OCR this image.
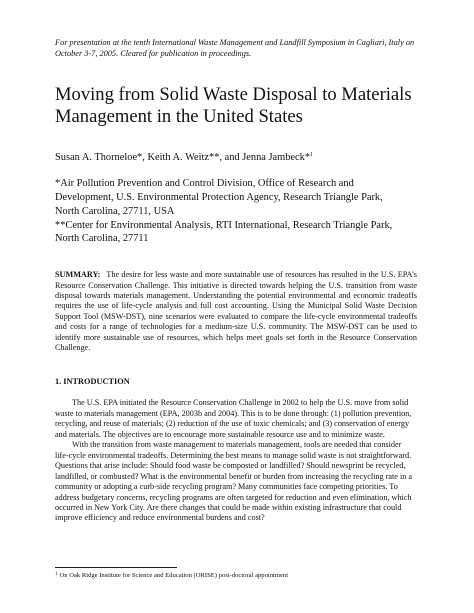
For presentation at the tenth International Waste Management and Landfill Symposium in Cagliari, Italy on October 3-7, 2005. Cleared for publication in proceedings.

Moving from Solid Waste Disposal to Materials
Management in the United States

Susan A. Thorneloe*, Keith A. Weitz**, and Jenna Jambeck*$^1$

*Air Pollution Prevention and Control Division, Office of Research and

Development, U.S. Environmental Protection Agency, Research Triangle Park,

North Carolina, 27711, USA

**Center for Environmental Analysis, RTI International, Research Triangle Park,

North Carolina, 27711

SUMMARY: The desire for less waste and more sustainable use of resources has resulted in the U.S. EPA’s Resource Conservation Challenge. This initiative is directed towards helping the U.S. transition from waste disposal towards materials management. Understanding the potential environmental and economic tradeoffs requires the use of life-cycle analysis and full cost accounting. Using the Municipal Solid Waste Decision Support Tool (MSW-DST), nine scenarios were evaluated to compare the life-cycle environmental tradeoffs and costs for a range of technologies for a medium-size U.S. community. The MSW-DST can be used to identify more sustainable use of resources, which helps meet goals set forth in the Resource Conservation Challenge.

1. INTRODUCTION

The U.S. EPA initiated the Resource Conservation Challenge in 2002 to help the U.S. move from solid waste to materials management (EPA, 2003b and 2004). This is to be done through: (1) pollution prevention, recycling, and reuse of materials; (2) reduction of the use of toxic chemicals; and (3) conservation of energy and materials. The objectives are to encourage more sustainable resource use and to minimize waste.

With the transition from waste management to materials management, tools are needed that consider life-cycle environmental tradeoffs. Determining the best means to manage solid waste is not straightforward. Questions that arise include: Should food waste be composted or landfilled? Should newsprint be recycled, landfilled, or combusted? What is the environmental benefit or burden from increasing the recycling rate in a community or adopting a curb-side recycling program? Many communities face competing priorities. To address budgetary concerns, recycling programs are often targeted for reduction and even elimination, which occurred in New York City. Are there changes that could be made within existing infrastructure that could improve efficiency and reduce environmental burdens and cost?

$^1$ On Oak Ridge Institute for Science and Education (ORISE) post-doctoral appointment
